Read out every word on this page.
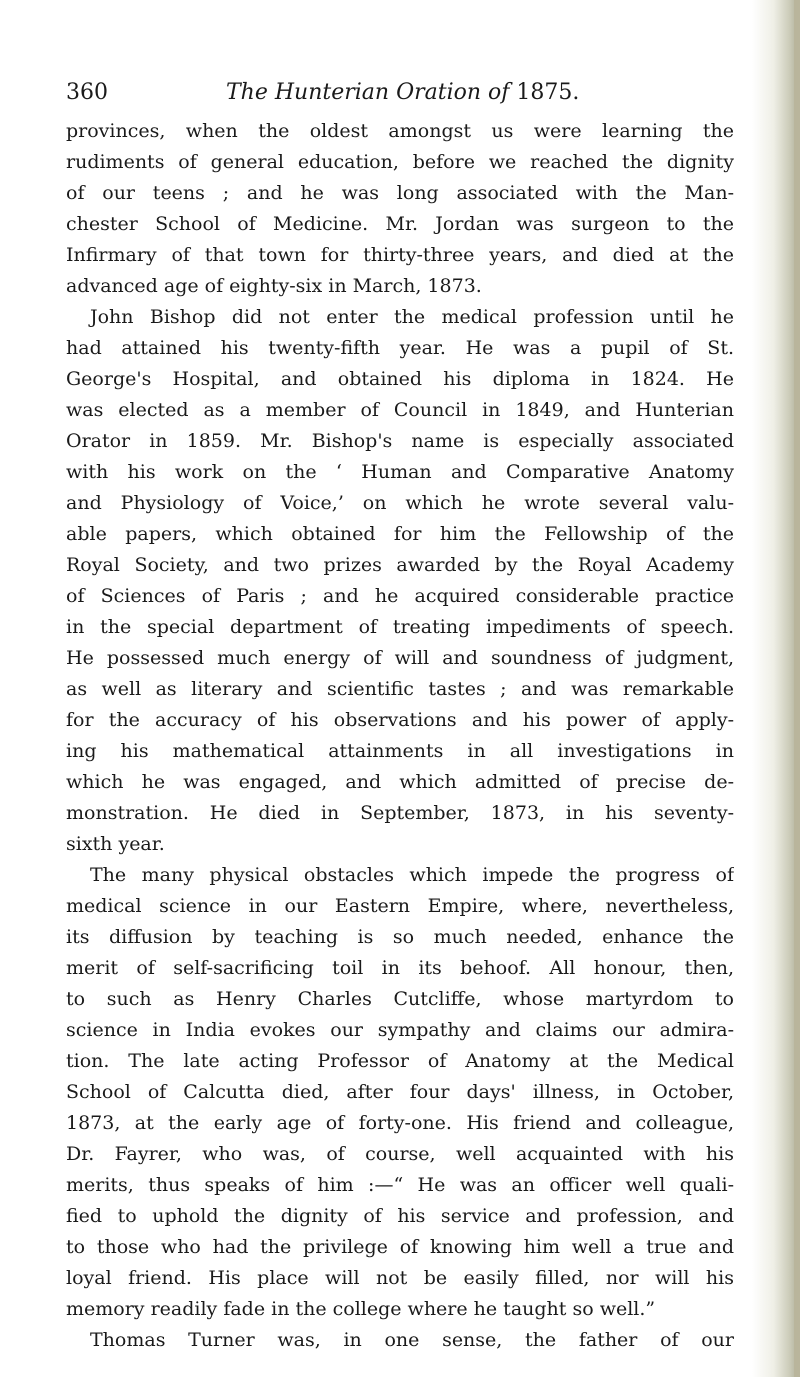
360	The Hunterian Oration of 1875.
provinces, when the oldest amongst us were learning the
rudiments of general education, before we reached the dignity
of our teens ; and he was long associated with the Man-
chester School of Medicine. Mr. Jordan was surgeon to the
Infirmary of that town for thirty-three years, and died at the
advanced age of eighty-six in March, 1873.
John Bishop did not enter the medical profession until he
had attained his twenty-fifth year. He was a pupil of St.
George's Hospital, and obtained his diploma in 1824. He
was elected as a member of Council in 1849, and Hunterian
Orator in 1859. Mr. Bishop's name is especially associated
with his work on the ‘ Human and Comparative Anatomy
and Physiology of Voice,’ on which he wrote several valu-
able papers, which obtained for him the Fellowship of the
Royal Society, and two prizes awarded by the Royal Academy
of Sciences of Paris ; and he acquired considerable practice
in the special department of treating impediments of speech.
He possessed much energy of will and soundness of judgment,
as well as literary and scientific tastes ; and was remarkable
for the accuracy of his observations and his power of apply-
ing his mathematical attainments in all investigations in
which he was engaged, and which admitted of precise de-
monstration. He died in September, 1873, in his seventy-
sixth year.
The many physical obstacles which impede the progress of
medical science in our Eastern Empire, where, nevertheless,
its diffusion by teaching is so much needed, enhance the
merit of self-sacrificing toil in its behoof. All honour, then,
to such as Henry Charles Cutcliffe, whose martyrdom to
science in India evokes our sympathy and claims our admira-
tion. The late acting Professor of Anatomy at the Medical
School of Calcutta died, after four days' illness, in October,
1873, at the early age of forty-one. His friend and colleague,
Dr. Fayrer, who was, of course, well acquainted with his
merits, thus speaks of him :—“ He was an officer well quali-
fied to uphold the dignity of his service and profession, and
to those who had the privilege of knowing him well a true and
loyal friend. His place will not be easily filled, nor will his
memory readily fade in the college where he taught so well.”
Thomas Turner was, in one sense, the father of our
